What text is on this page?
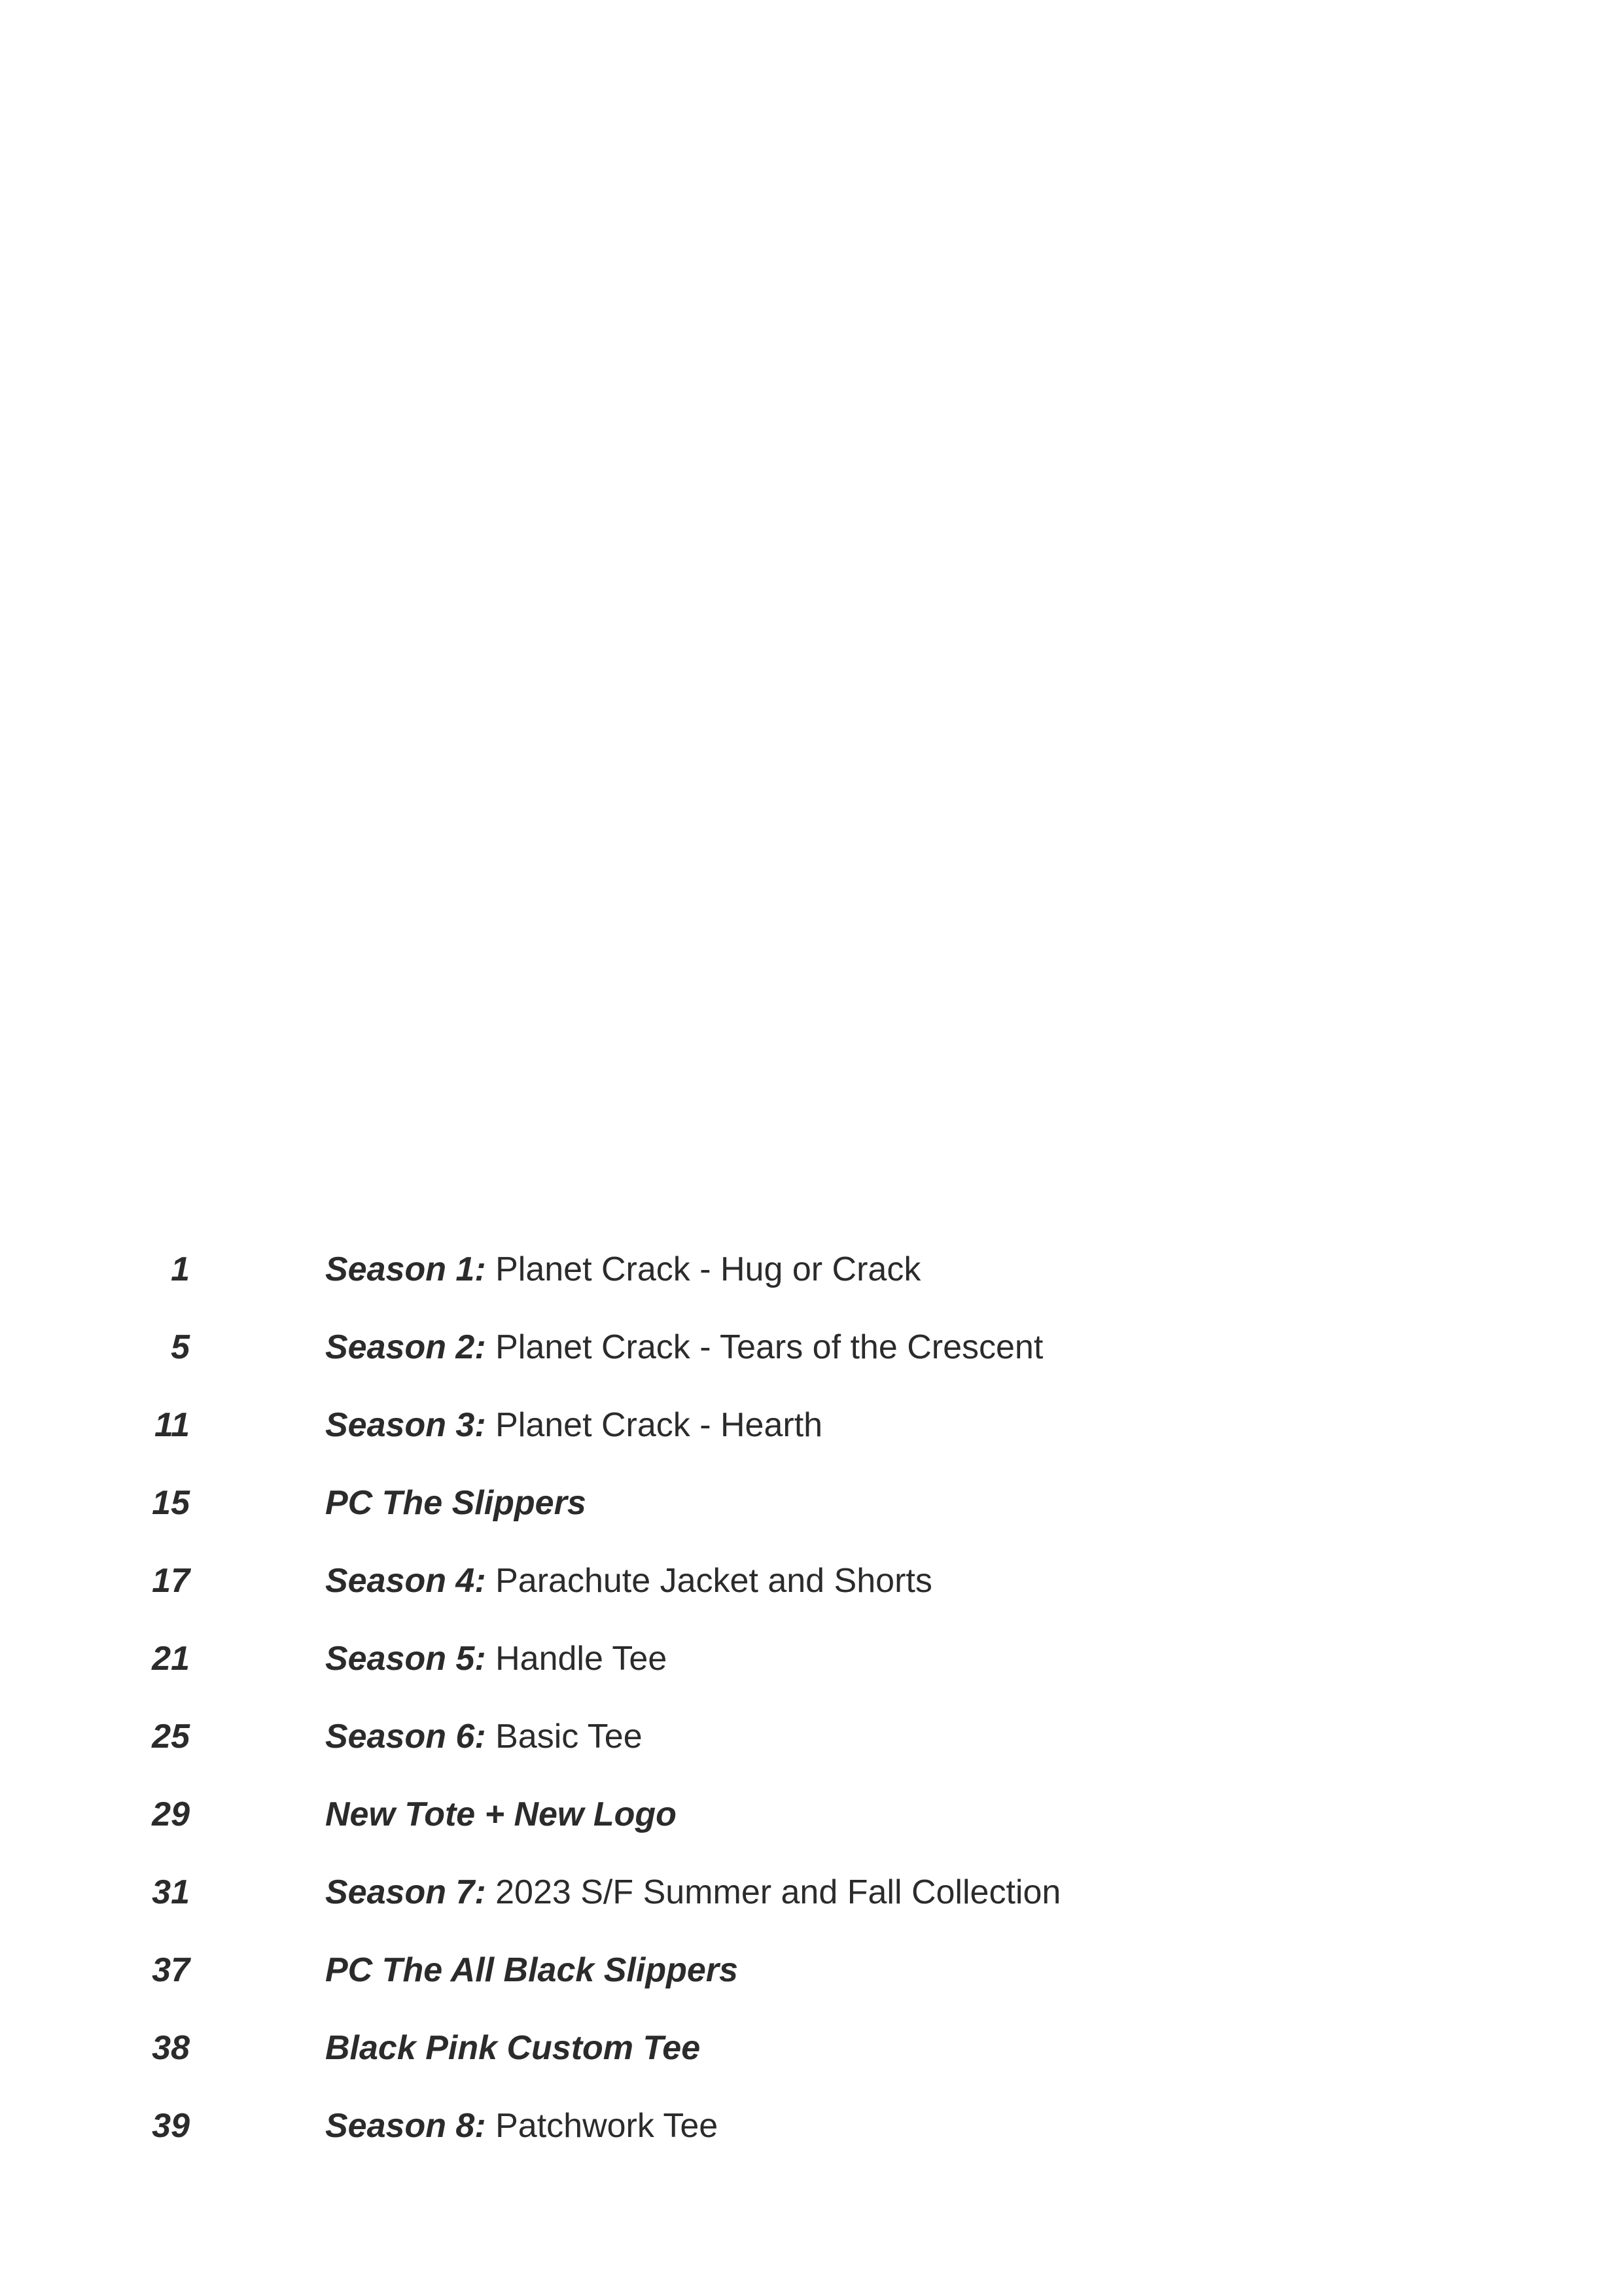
1	Season 1: Planet Crack - Hug or Crack
5	Season 2: Planet Crack - Tears of the Crescent
11	Season 3: Planet Crack - Hearth
15	PC The Slippers
17	Season 4: Parachute Jacket and Shorts
21	Season 5: Handle Tee
25	Season 6: Basic Tee
29	New Tote + New Logo
31	Season 7: 2023 S/F Summer and Fall Collection
37	PC The All Black Slippers
38	Black Pink Custom Tee
39	Season 8: Patchwork Tee
